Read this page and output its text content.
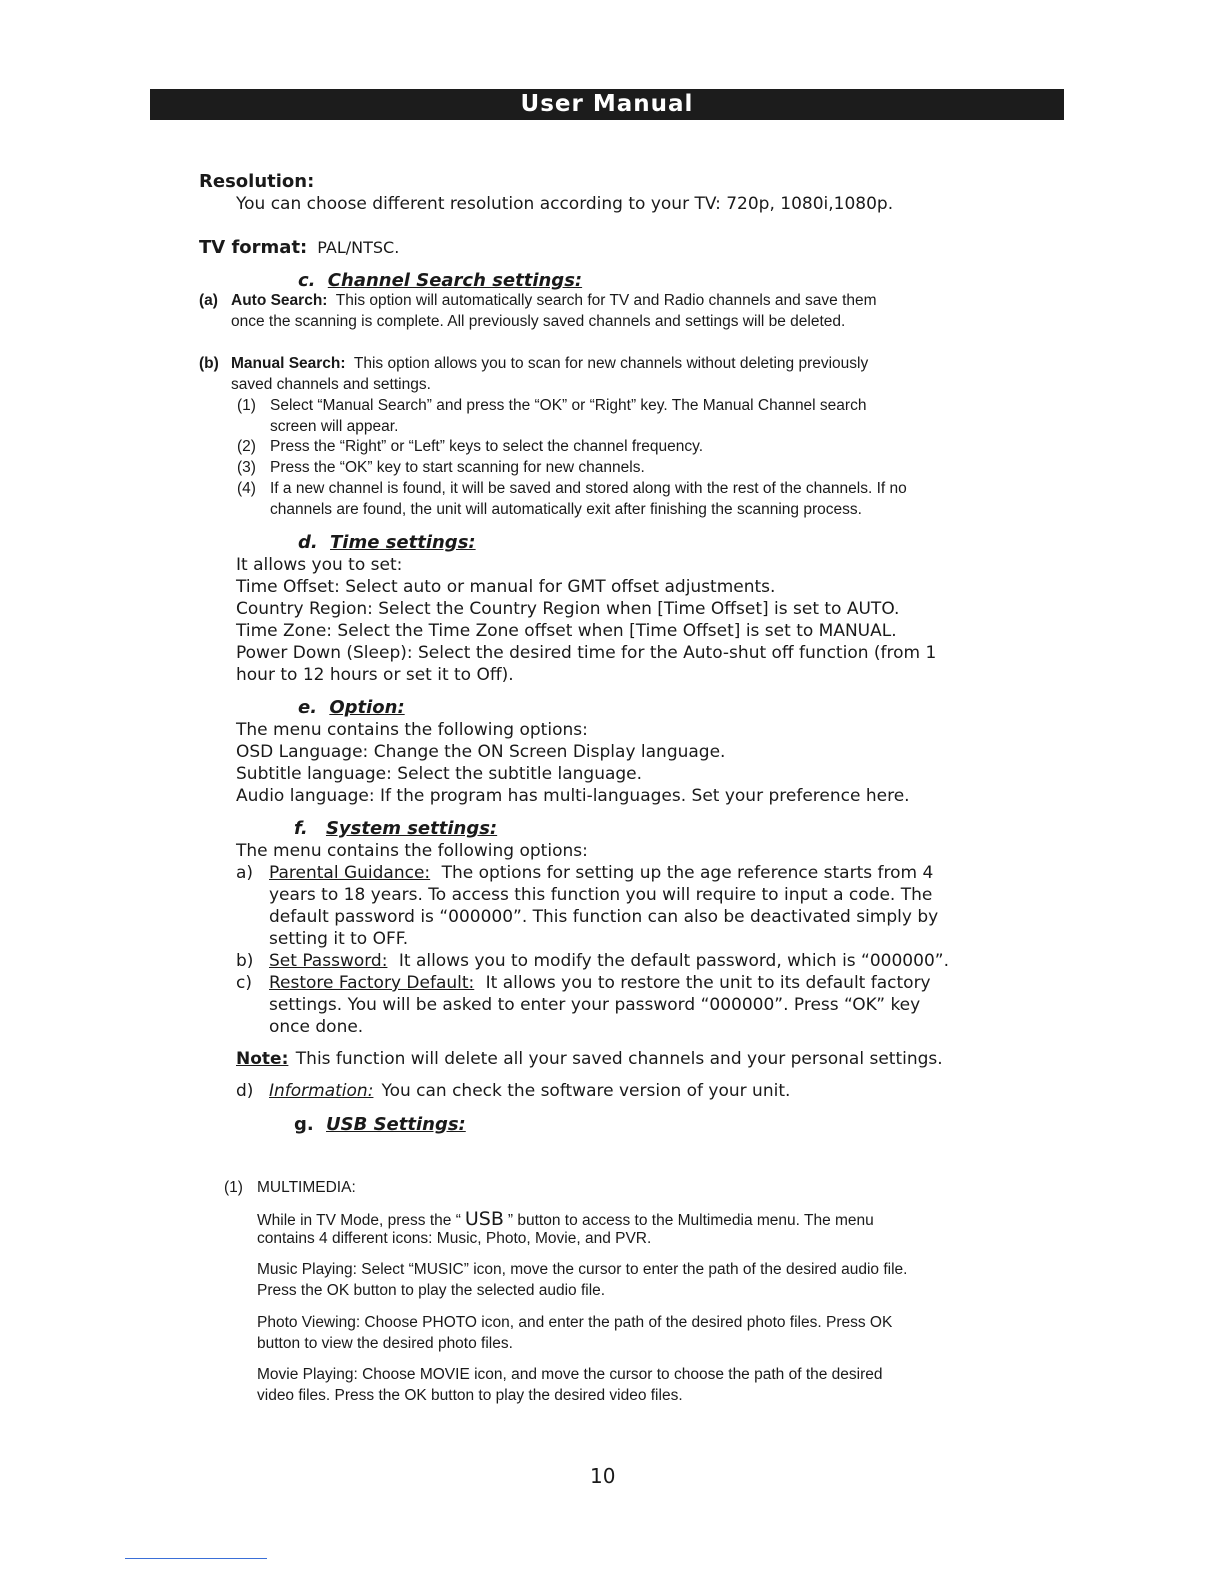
User Manual
Resolution:
You can choose different resolution according to your TV: 720p, 1080i,1080p.
TV format: PAL/NTSC.
c. Channel Search settings:
(a) Auto Search: This option will automatically search for TV and Radio channels and save them
once the scanning is complete. All previously saved channels and settings will be deleted.
(b) Manual Search: This option allows you to scan for new channels without deleting previously
saved channels and settings.
(1) Select “Manual Search” and press the “OK” or “Right” key. The Manual Channel search
screen will appear.
(2) Press the “Right” or “Left” keys to select the channel frequency.
(3) Press the “OK” key to start scanning for new channels.
(4) If a new channel is found, it will be saved and stored along with the rest of the channels. If no
channels are found, the unit will automatically exit after finishing the scanning process.
d. Time settings:
It allows you to set:
Time Offset: Select auto or manual for GMT offset adjustments.
Country Region: Select the Country Region when [Time Offset] is set to AUTO.
Time Zone: Select the Time Zone offset when [Time Offset] is set to MANUAL.
Power Down (Sleep): Select the desired time for the Auto-shut off function (from 1
hour to 12 hours or set it to Off).
e. Option:
The menu contains the following options:
OSD Language: Change the ON Screen Display language.
Subtitle language: Select the subtitle language.
Audio language: If the program has multi-languages. Set your preference here.
f. System settings:
The menu contains the following options:
a) Parental Guidance: The options for setting up the age reference starts from 4
years to 18 years. To access this function you will require to input a code. The
default password is “000000”. This function can also be deactivated simply by
setting it to OFF.
b) Set Password: It allows you to modify the default password, which is “000000”.
c) Restore Factory Default: It allows you to restore the unit to its default factory
settings. You will be asked to enter your password “000000”. Press “OK” key
once done.
Note: This function will delete all your saved channels and your personal settings.
d) Information: You can check the software version of your unit.
g. USB Settings:
(1) MULTIMEDIA:
While in TV Mode, press the “ USB ” button to access to the Multimedia menu. The menu
contains 4 different icons: Music, Photo, Movie, and PVR.
Music Playing: Select “MUSIC” icon, move the cursor to enter the path of the desired audio file.
Press the OK button to play the selected audio file.
Photo Viewing: Choose PHOTO icon, and enter the path of the desired photo files. Press OK
button to view the desired photo files.
Movie Playing: Choose MOVIE icon, and move the cursor to choose the path of the desired
video files. Press the OK button to play the desired video files.
10
